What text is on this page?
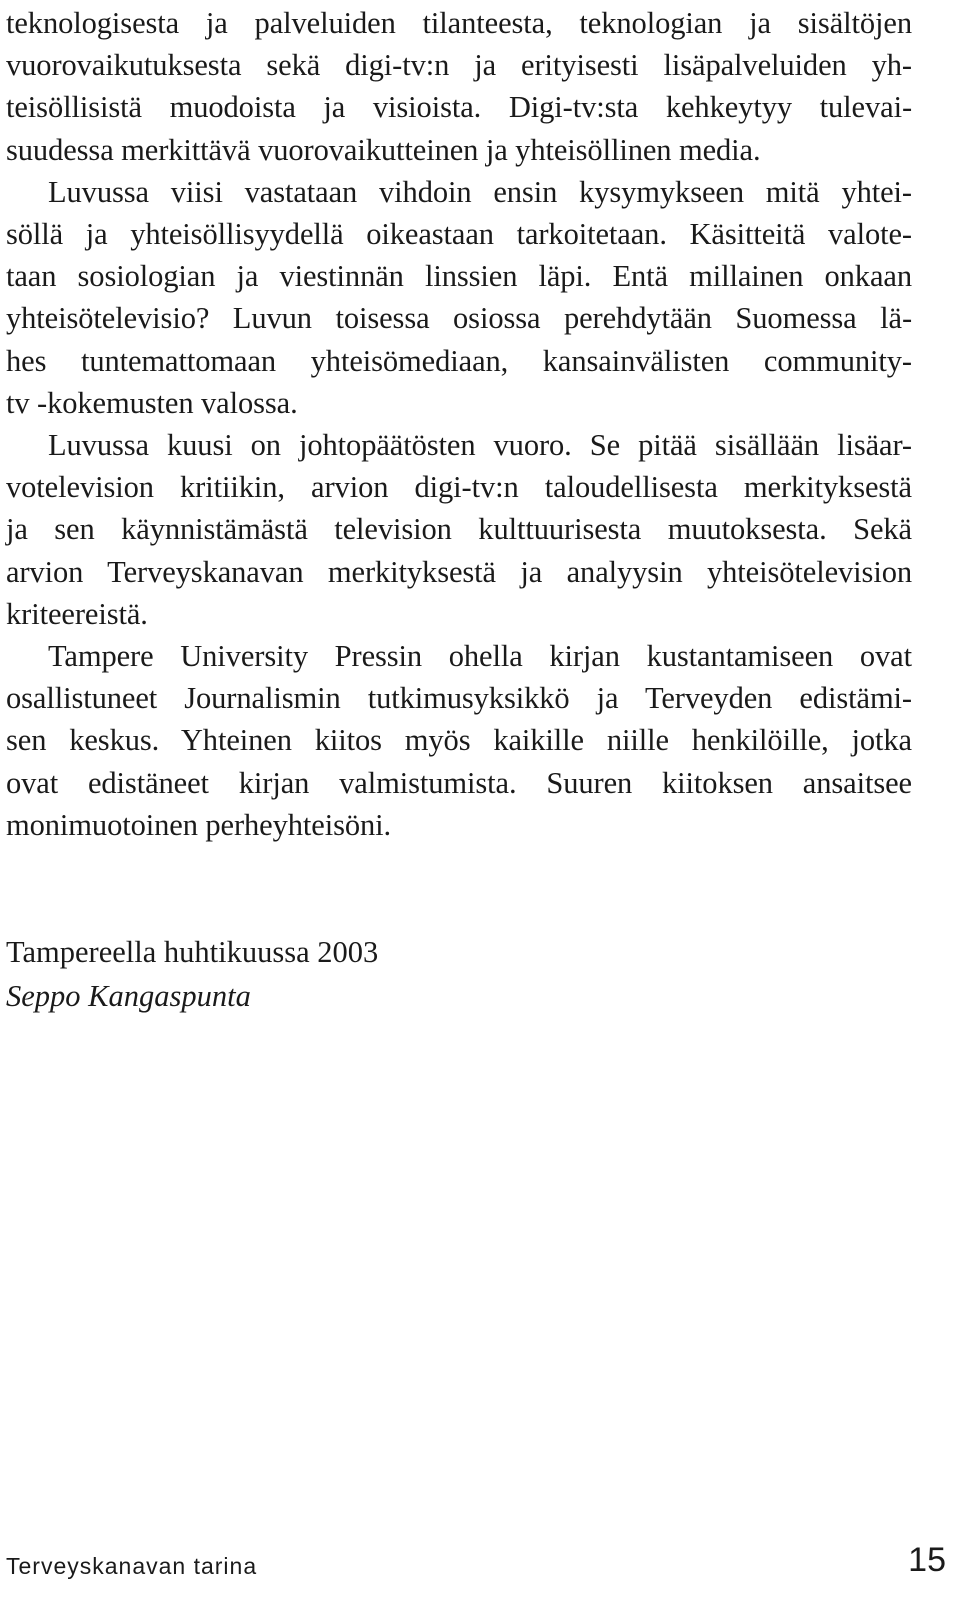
teknologisesta ja palveluiden tilanteesta, teknologian ja sisältöjen
vuorovaikutuksesta sekä digi-tv:n ja erityisesti lisäpalveluiden yh-
teisöllisistä muodoista ja visioista. Digi-tv:sta kehkeytyy tulevai-
suudessa merkittävä vuorovaikutteinen ja yhteisöllinen media.
Luvussa viisi vastataan vihdoin ensin kysymykseen mitä yhtei-
söllä ja yhteisöllisyydellä oikeastaan tarkoitetaan. Käsitteitä valote-
taan sosiologian ja viestinnän linssien läpi. Entä millainen onkaan
yhteisötelevisio? Luvun toisessa osiossa perehdytään Suomessa lä-
hes tuntemattomaan yhteisömediaan, kansainvälisten community-
tv -kokemusten valossa.
Luvussa kuusi on johtopäätösten vuoro. Se pitää sisällään lisäar-
votelevision kritiikin, arvion digi-tv:n taloudellisesta merkityksestä
ja sen käynnistämästä television kulttuurisesta muutoksesta. Sekä
arvion Terveyskanavan merkityksestä ja analyysin yhteisötelevision
kriteereistä.
Tampere University Pressin ohella kirjan kustantamiseen ovat
osallistuneet Journalismin tutkimusyksikkö ja Terveyden edistämi-
sen keskus. Yhteinen kiitos myös kaikille niille henkilöille, jotka
ovat edistäneet kirjan valmistumista. Suuren kiitoksen ansaitsee
monimuotoinen perheyhteisöni.
Tampereella huhtikuussa 2003
Seppo Kangaspunta
Terveyskanavan tarina	15
